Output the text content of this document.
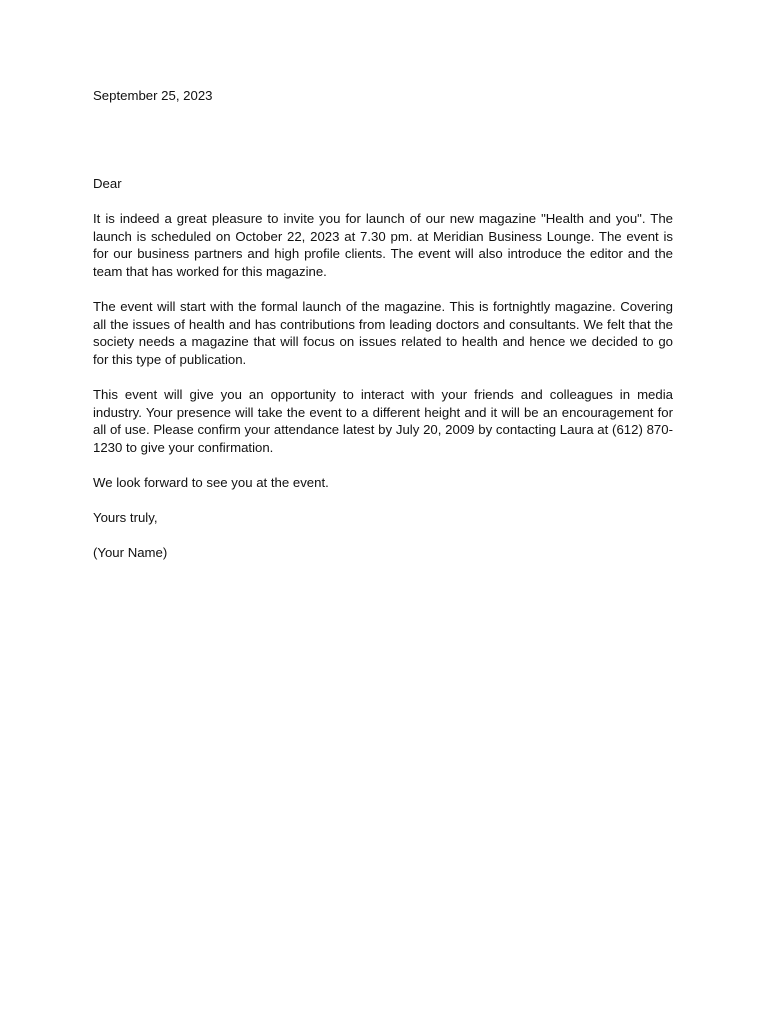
September 25, 2023

Dear

It is indeed a great pleasure to invite you for launch of our new magazine "Health and you". The launch is scheduled on October 22, 2023 at 7.30 pm. at Meridian Business Lounge. The event is for our business partners and high profile clients. The event will also introduce the editor and the team that has worked for this magazine.

The event will start with the formal launch of the magazine. This is fortnightly magazine. Covering all the issues of health and has contributions from leading doctors and consultants. We felt that the society needs a magazine that will focus on issues related to health and hence we decided to go for this type of publication.

This event will give you an opportunity to interact with your friends and colleagues in media industry. Your presence will take the event to a different height and it will be an encouragement for all of use. Please confirm your attendance latest by July 20, 2009 by contacting Laura at (612) 870-1230 to give your confirmation.

We look forward to see you at the event.

Yours truly,

(Your Name)
